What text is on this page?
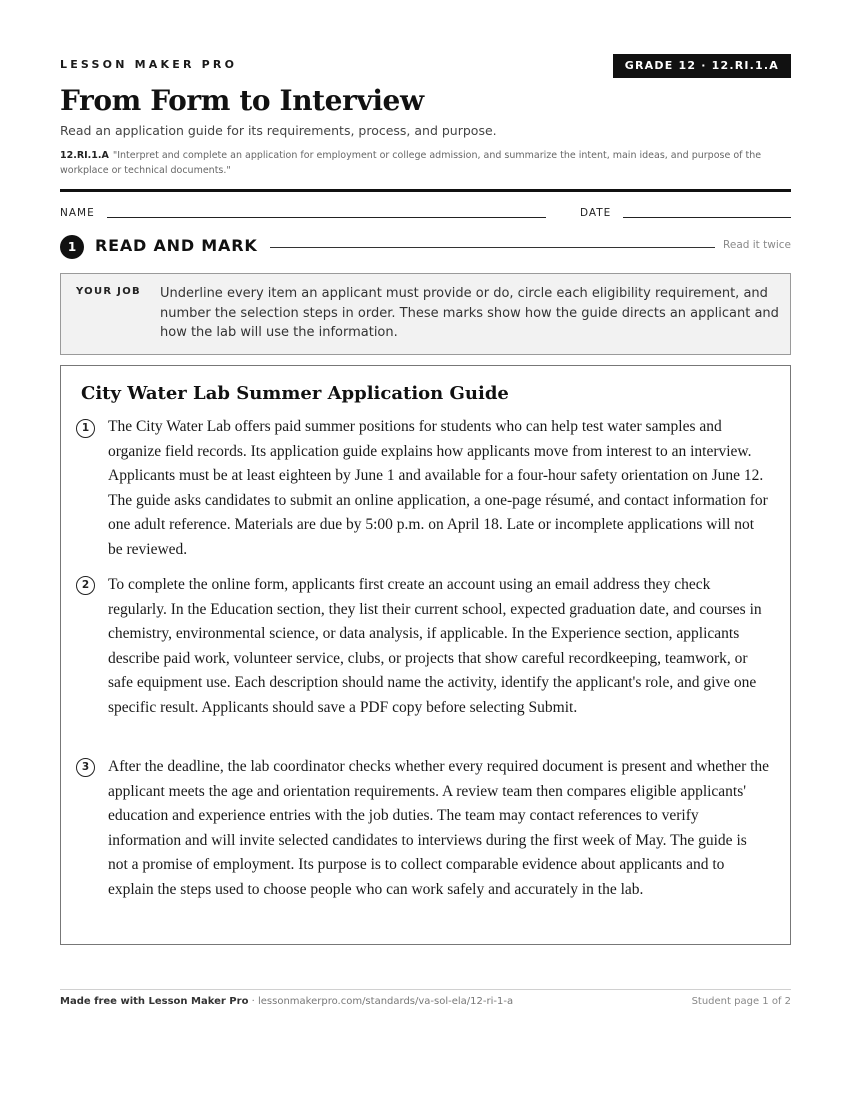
LESSON MAKER PRO	GRADE 12 · 12.RI.1.A
From Form to Interview
Read an application guide for its requirements, process, and purpose.
12.RI.1.A "Interpret and complete an application for employment or college admission, and summarize the intent, main ideas, and purpose of the workplace or technical documents."
NAME	DATE
1	READ AND MARK	Read it twice
YOUR JOB Underline every item an applicant must provide or do, circle each eligibility requirement, and number the selection steps in order. These marks show how the guide directs an applicant and how the lab will use the information.
City Water Lab Summer Application Guide
1	The City Water Lab offers paid summer positions for students who can help test water samples and organize field records. Its application guide explains how applicants move from interest to an interview. Applicants must be at least eighteen by June 1 and available for a four-hour safety orientation on June 12. The guide asks candidates to submit an online application, a one-page résumé, and contact information for one adult reference. Materials are due by 5:00 p.m. on April 18. Late or incomplete applications will not be reviewed.
2	To complete the online form, applicants first create an account using an email address they check regularly. In the Education section, they list their current school, expected graduation date, and courses in chemistry, environmental science, or data analysis, if applicable. In the Experience section, applicants describe paid work, volunteer service, clubs, or projects that show careful recordkeeping, teamwork, or safe equipment use. Each description should name the activity, identify the applicant's role, and give one specific result. Applicants should save a PDF copy before selecting Submit.
3	After the deadline, the lab coordinator checks whether every required document is present and whether the applicant meets the age and orientation requirements. A review team then compares eligible applicants' education and experience entries with the job duties. The team may contact references to verify information and will invite selected candidates to interviews during the first week of May. The guide is not a promise of employment. Its purpose is to collect comparable evidence about applicants and to explain the steps used to choose people who can work safely and accurately in the lab.
Made free with Lesson Maker Pro · lessonmakerpro.com/standards/va-sol-ela/12-ri-1-a	Student page 1 of 2
